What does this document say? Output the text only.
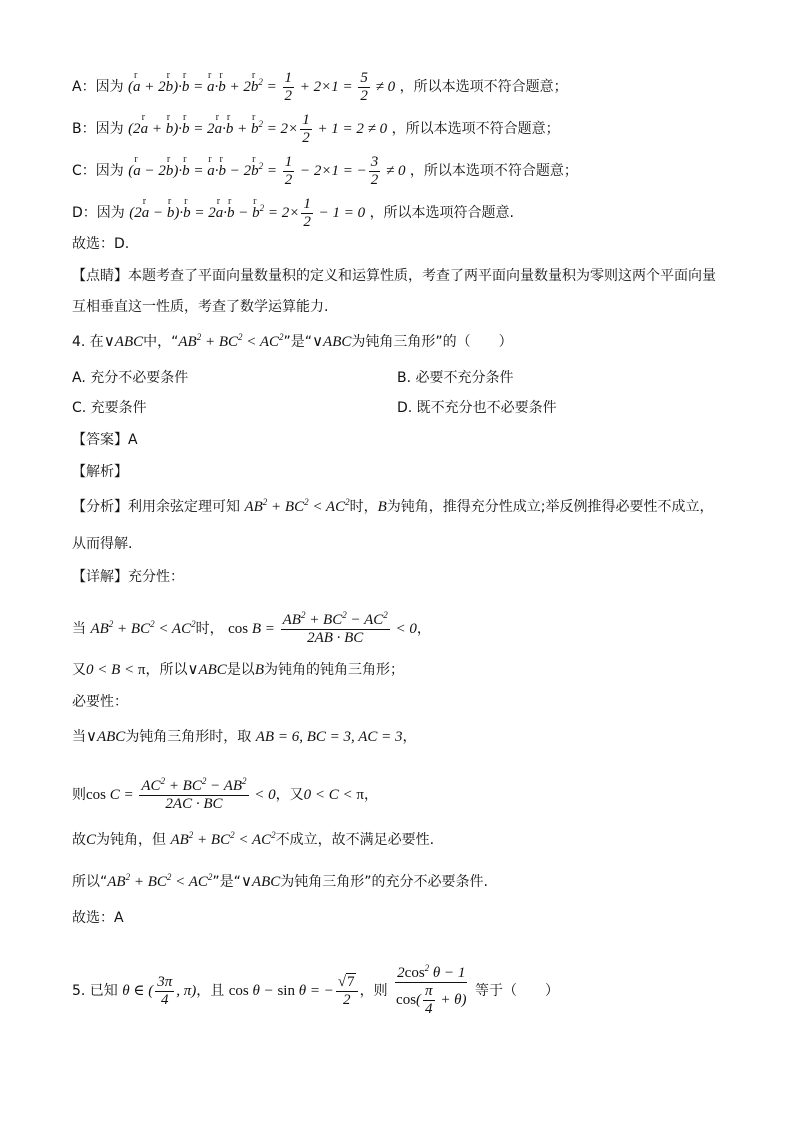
A：因为 (r a + 2r b)·r b = r a·r b + 2r $b^2 = \frac{1}{2} + 2\times 1 = \frac{5}{2} \ne 0$ ，所以本选项不符合题意；
B：因为 (2r a + r b)·r b = 2r a·r b + r $b^2 = 2\times \frac{1}{2} + 1 = 2 \ne 0$ ，所以本选项不符合题意；
C：因为 (r a − 2r b)·r b = r a·r b − 2r $b^2 = \frac{1}{2} - 2\times 1$ = − $\frac{3}{2} \ne 0$ ，所以本选项不符合题意；
D：因为 (2r a − r b)·r b = 2r a·r b − r $b^2 = 2\times \frac{1}{2} - 1 = 0$ ，所以本选项符合题意.
故选：D.
【点睛】本题考查了平面向量数量积的定义和运算性质，考查了两平面向量数量积为零则这两个平面向量
互相垂直这一性质，考查了数学运算能力.
4. 在∨ABC中，“$AB^2 + BC^2 < AC^2$”是“∨ABC为钝角三角形”的（　　）
A. 充分不必要条件	B. 必要不充分条件
C. 充要条件	D. 既不充分也不必要条件
【答案】A
【解析】
【分析】利用余弦定理可知 $AB^2 + BC^2 < AC^2$时，B为钝角，推得充分性成立;举反例推得必要性不成立，
从而得解.
【详解】充分性：
当 $AB^2 + BC^2 < AC^2$时， $\cos B = \frac{AB^2 + BC^2 - AC^2}{2AB \cdot BC} < 0$，
又0 < B < π，所以∨ABC是以B为钝角的钝角三角形；
必要性：
当∨ABC为钝角三角形时，取 AB = 6, BC = 3, AC = 3，
则$\cos C = \frac{AC^2 + BC^2 - AB^2}{2AC \cdot BC} < 0$，又0 < C < π，
故C为钝角，但 $AB^2 + BC^2 < AC^2$不成立，故不满足必要性.
所以“$AB^2 + BC^2 < AC^2$”是“∨ABC为钝角三角形”的充分不必要条件.
故选：A
5. 已知 θ ∈ ( $\frac{3\pi}{4}$ , π)，且 cos θ − sin θ = − $\frac{√7}{2}$ ，则 $\frac{2\cos^2 \theta - 1}{\cos( \frac{\pi}{4} + \theta)}$ 等于（　　）
